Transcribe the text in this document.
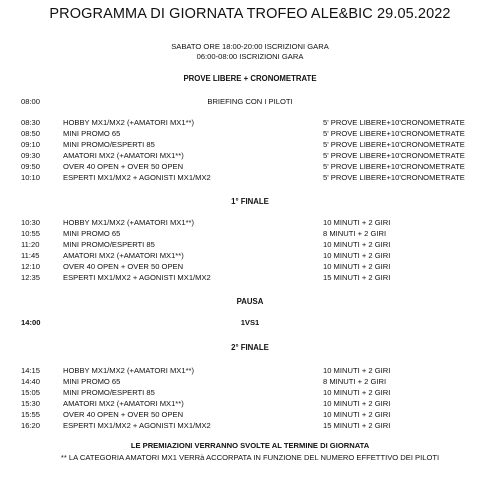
PROGRAMMA DI GIORNATA TROFEO ALE&BIC 29.05.2022
SABATO ORE 18:00-20:00 ISCRIZIONI GARA
06:00-08:00 ISCRIZIONI GARA
PROVE LIBERE + CRONOMETRATE
08:00	BRIEFING CON I PILOTI
08:30	HOBBY MX1/MX2 (+AMATORI MX1**)	5' PROVE LIBERE+10'CRONOMETRATE
08:50	MINI PROMO 65	5' PROVE LIBERE+10'CRONOMETRATE
09:10	MINI PROMO/ESPERTI 85	5' PROVE LIBERE+10'CRONOMETRATE
09:30	AMATORI MX2 (+AMATORI MX1**)	5' PROVE LIBERE+10'CRONOMETRATE
09:50	OVER 40 OPEN + OVER 50 OPEN	5' PROVE LIBERE+10'CRONOMETRATE
10:10	ESPERTI MX1/MX2 + AGONISTI MX1/MX2	5' PROVE LIBERE+10'CRONOMETRATE
1° FINALE
10:30	HOBBY MX1/MX2 (+AMATORI MX1**)	10 MINUTI + 2 GIRI
10:55	MINI PROMO 65	8 MINUTI + 2 GIRI
11:20	MINI PROMO/ESPERTI 85	10 MINUTI + 2 GIRI
11:45	AMATORI MX2 (+AMATORI MX1**)	10 MINUTI + 2 GIRI
12:10	OVER 40 OPEN + OVER 50 OPEN	10 MINUTI + 2 GIRI
12:35	ESPERTI MX1/MX2 + AGONISTI MX1/MX2	15 MINUTI + 2 GIRI
PAUSA
14:00	1VS1
2° FINALE
14:15	HOBBY MX1/MX2 (+AMATORI MX1**)	10 MINUTI + 2 GIRI
14:40	MINI PROMO 65	8 MINUTI + 2 GIRI
15:05	MINI PROMO/ESPERTI 85	10 MINUTI + 2 GIRI
15:30	AMATORI MX2 (+AMATORI MX1**)	10 MINUTI + 2 GIRI
15:55	OVER 40 OPEN + OVER 50 OPEN	10 MINUTI + 2 GIRI
16:20	ESPERTI MX1/MX2 + AGONISTI MX1/MX2	15 MINUTI + 2 GIRI
LE PREMIAZIONI VERRANNO SVOLTE AL TERMINE DI GIORNATA
** LA CATEGORIA AMATORI MX1 VERRà ACCORPATA IN FUNZIONE DEL NUMERO EFFETTIVO DEI PILOTI
